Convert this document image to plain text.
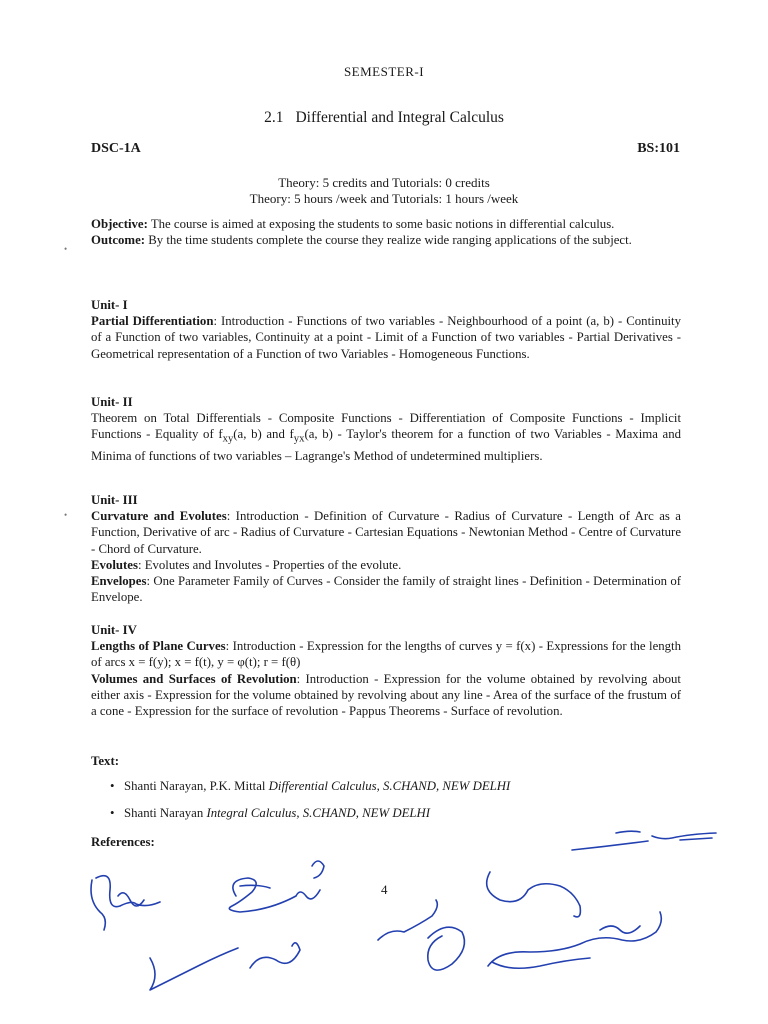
SEMESTER-I
2.1 Differential and Integral Calculus
DSC-1A	BS:101
Theory: 5 credits and Tutorials: 0 credits
Theory: 5 hours /week and Tutorials: 1 hours /week
Objective: The course is aimed at exposing the students to some basic notions in differential calculus.
Outcome: By the time students complete the course they realize wide ranging applications of the subject.
Unit- I
Partial Differentiation: Introduction - Functions of two variables - Neighbourhood of a point (a, b) - Continuity of a Function of two variables, Continuity at a point - Limit of a Function of two variables - Partial Derivatives - Geometrical representation of a Function of two Variables - Homogeneous Functions.
Unit- II
Theorem on Total Differentials - Composite Functions - Differentiation of Composite Functions - Implicit Functions - Equality of $f_{xy}(a$, b) and $f_{yx}(a$, b) - Taylor's theorem for a function of two Variables - Maxima and Minima of functions of two variables – Lagrange's Method of undetermined multipliers.
Unit- III
Curvature and Evolutes: Introduction - Definition of Curvature - Radius of Curvature - Length of Arc as a Function, Derivative of arc - Radius of Curvature - Cartesian Equations - Newtonian Method - Centre of Curvature - Chord of Curvature.
Evolutes: Evolutes and Involutes - Properties of the evolute.
Envelopes: One Parameter Family of Curves - Consider the family of straight lines - Definition - Determination of Envelope.
Unit- IV
Lengths of Plane Curves: Introduction - Expression for the lengths of curves y = f(x) - Expressions for the length of arcs x = f(y); x = f(t), y = φ(t); r = f(θ)
Volumes and Surfaces of Revolution: Introduction - Expression for the volume obtained by revolving about either axis - Expression for the volume obtained by revolving about any line - Area of the surface of the frustum of a cone - Expression for the surface of revolution - Pappus Theorems - Surface of revolution.
Text:
• Shanti Narayan, P.K. Mittal Differential Calculus, S.CHAND, NEW DELHI
• Shanti Narayan Integral Calculus, S.CHAND, NEW DELHI
References:
4
•
•
